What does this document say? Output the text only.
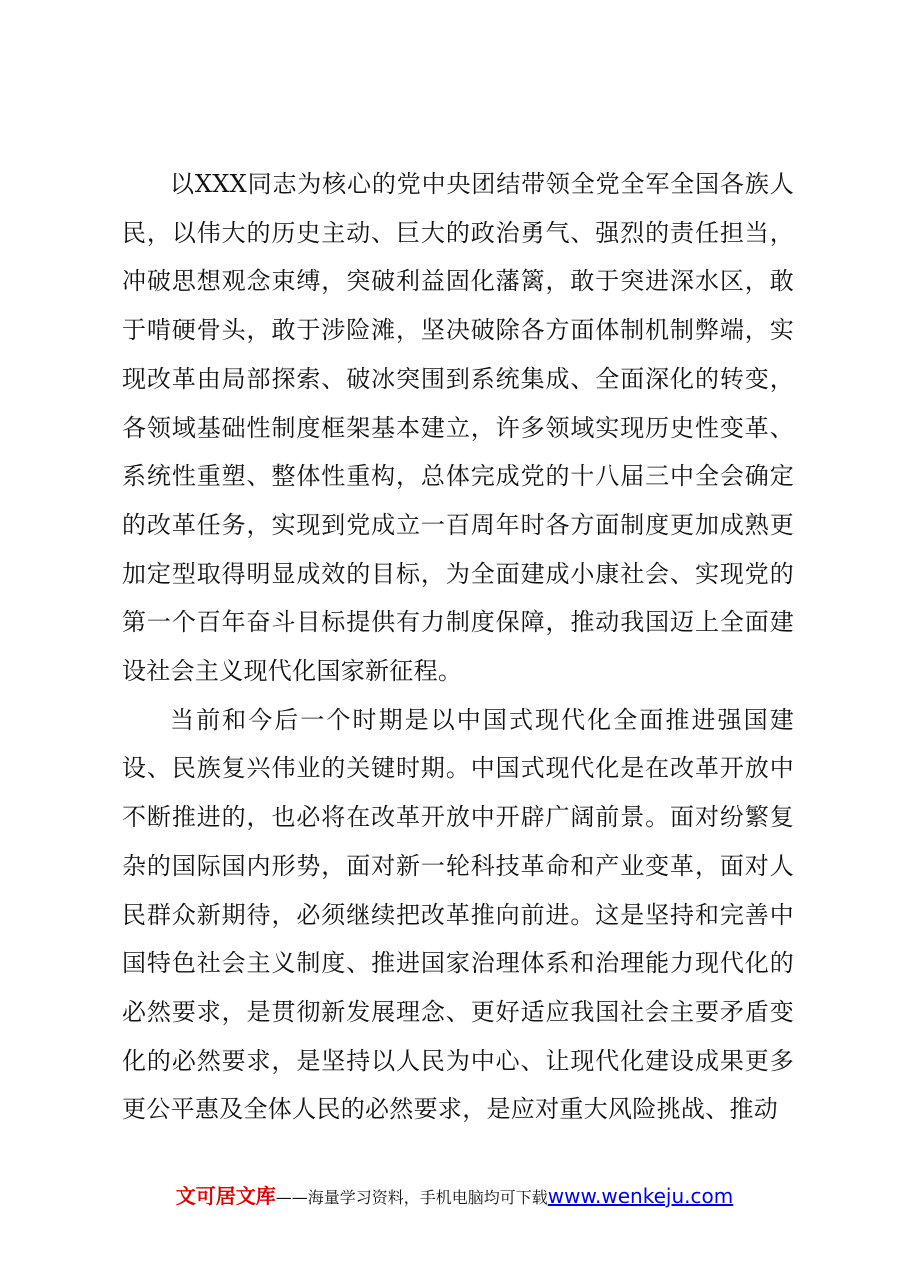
以XXX同志为核心的党中央团结带领全党全军全国各族人民，以伟大的历史主动、巨大的政治勇气、强烈的责任担当，冲破思想观念束缚，突破利益固化藩篱，敢于突进深水区，敢于啃硬骨头，敢于涉险滩，坚决破除各方面体制机制弊端，实现改革由局部探索、破冰突围到系统集成、全面深化的转变，各领域基础性制度框架基本建立，许多领域实现历史性变革、系统性重塑、整体性重构，总体完成党的十八届三中全会确定的改革任务，实现到党成立一百周年时各方面制度更加成熟更加定型取得明显成效的目标，为全面建成小康社会、实现党的第一个百年奋斗目标提供有力制度保障，推动我国迈上全面建设社会主义现代化国家新征程。

当前和今后一个时期是以中国式现代化全面推进强国建设、民族复兴伟业的关键时期。中国式现代化是在改革开放中不断推进的，也必将在改革开放中开辟广阔前景。面对纷繁复杂的国际国内形势，面对新一轮科技革命和产业变革，面对人民群众新期待，必须继续把改革推向前进。这是坚持和完善中国特色社会主义制度、推进国家治理体系和治理能力现代化的必然要求，是贯彻新发展理念、更好适应我国社会主要矛盾变化的必然要求，是坚持以人民为中心、让现代化建设成果更多更公平惠及全体人民的必然要求，是应对重大风险挑战、推动

文可居文库——海量学习资料，手机电脑均可下载www.wenkeju.com
